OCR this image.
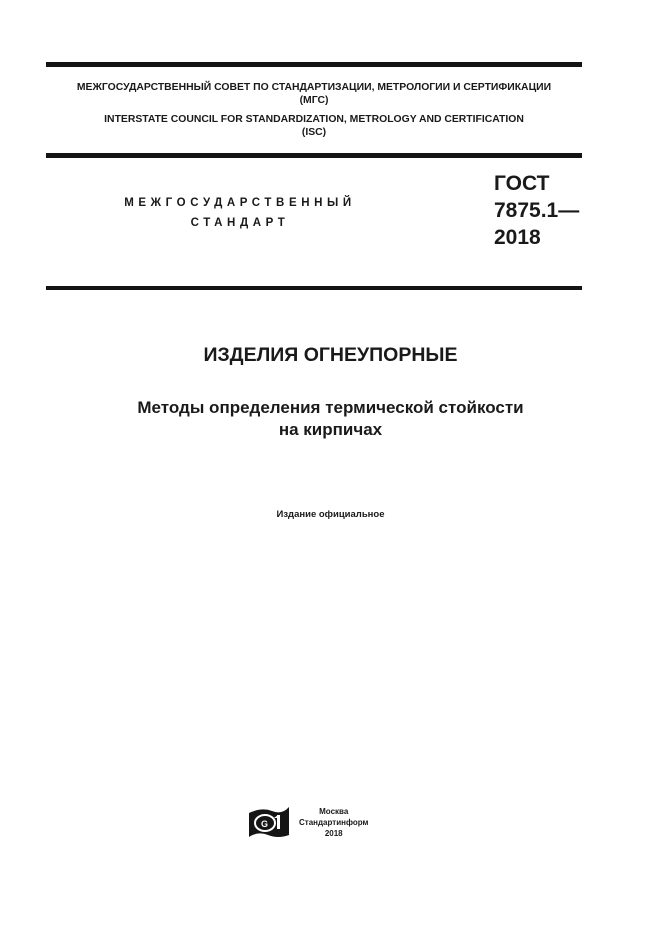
МЕЖГОСУДАРСТВЕННЫЙ СОВЕТ ПО СТАНДАРТИЗАЦИИ, МЕТРОЛОГИИ И СЕРТИФИКАЦИИ
(МГС)
INTERSTATE COUNCIL FOR STANDARDIZATION, METROLOGY AND CERTIFICATION
(ISC)
МЕЖГОСУДАРСТВЕННЫЙ
СТАНДАРТ
ГОСТ
7875.1—
2018
ИЗДЕЛИЯ ОГНЕУПОРНЫЕ
Методы определения термической стойкости
на кирпичах
Издание официальное
G
Москва
Стандартинформ
2018
